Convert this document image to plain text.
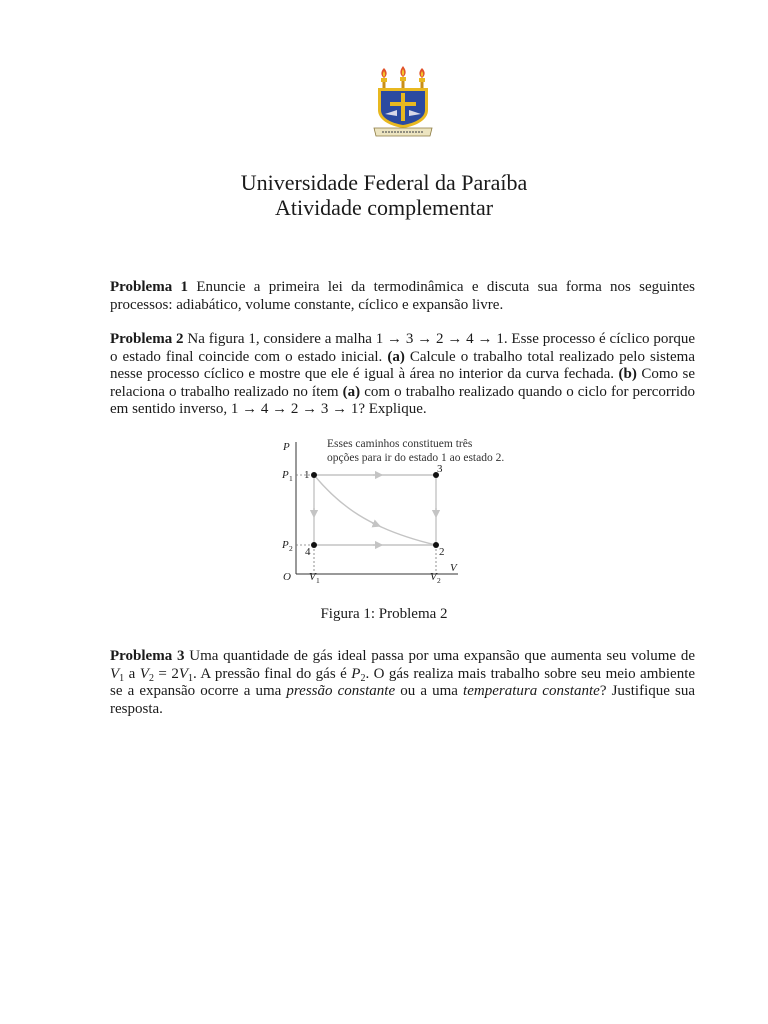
Universidade Federal da Paraíba
Atividade complementar
Problema 1 Enuncie a primeira lei da termodinâmica e discuta sua forma nos seguintes processos: adiabático, volume constante, cíclico e expansão livre.
Problema 2 Na figura 1, considere a malha 1 → 3 → 2 → 4 → 1. Esse processo é cíclico porque o estado final coincide com o estado inicial. (a) Calcule o trabalho total realizado pelo sistema nesse processo cíclico e mostre que ele é igual à área no interior da curva fechada. (b) Como se relaciona o trabalho realizado no ítem (a) com o trabalho realizado quando o ciclo for percorrido em sentido inverso, 1 → 4 → 2 → 3 → 1? Explique.
Esses caminhos constituem três
opções para ir do estado 1 ao estado 2.
P
V
O
1	3
4	2
P 1
P 2
V 1	V 2
Figura 1: Problema 2
Problema 3 Uma quantidade de gás ideal passa por uma expansão que aumenta seu volume de $V_1$ a $V_2 = 2V_1$. A pressão final do gás é $P_2$. O gás realiza mais trabalho sobre seu meio ambiente se a expansão ocorre a uma pressão constante ou a uma temperatura constante? Justifique sua resposta.
